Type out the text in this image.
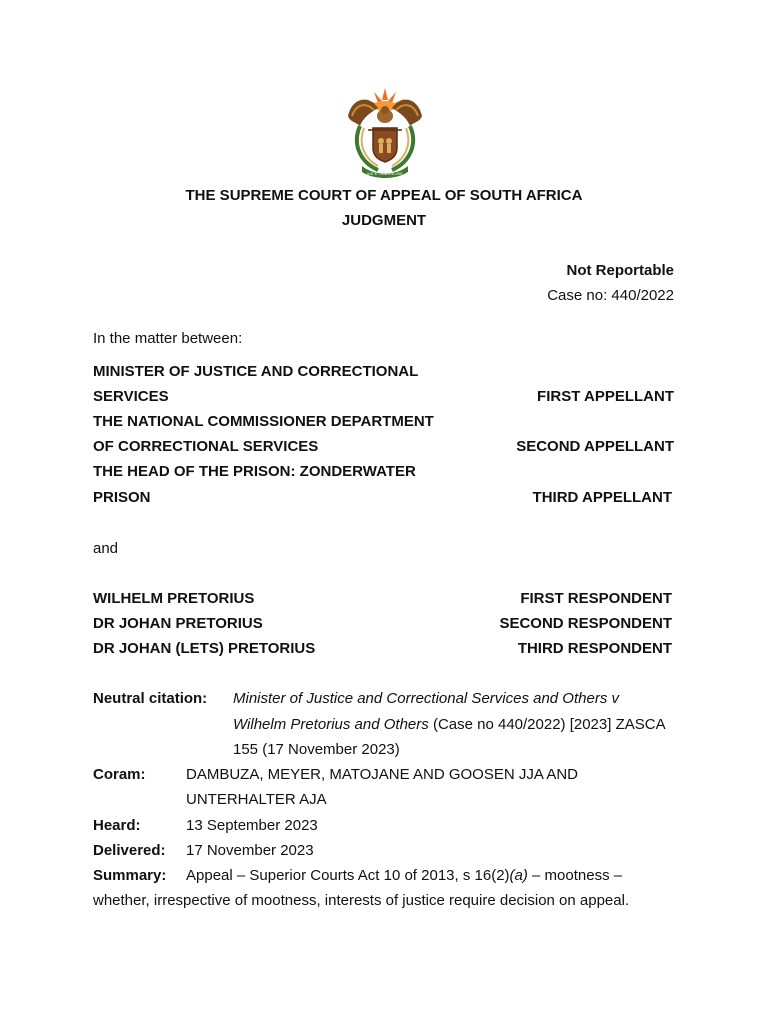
!KE E: /XARRA //KE
THE SUPREME COURT OF APPEAL OF SOUTH AFRICA
JUDGMENT
Not Reportable
Case no: 440/2022
In the matter between:
MINISTER OF JUSTICE AND CORRECTIONAL
SERVICES	FIRST APPELLANT
THE NATIONAL COMMISSIONER DEPARTMENT
OF CORRECTIONAL SERVICES	SECOND APPELLANT
THE HEAD OF THE PRISON: ZONDERWATER
PRISON	THIRD APPELLANT
and
WILHELM PRETORIUS	FIRST RESPONDENT
DR JOHAN PRETORIUS	SECOND RESPONDENT
DR JOHAN (LETS) PRETORIUS	THIRD RESPONDENT
Neutral citation: Minister of Justice and Correctional Services and Others v
Wilhelm Pretorius and Others (Case no 440/2022) [2023] ZASCA
155 (17 November 2023)
Coram:	DAMBUZA, MEYER, MATOJANE AND GOOSEN JJA AND
UNTERHALTER AJA
Heard:	13 September 2023
Delivered: 17 November 2023
Summary: Appeal – Superior Courts Act 10 of 2013, s 16(2)(a) – mootness –
whether, irrespective of mootness, interests of justice require decision on appeal.
